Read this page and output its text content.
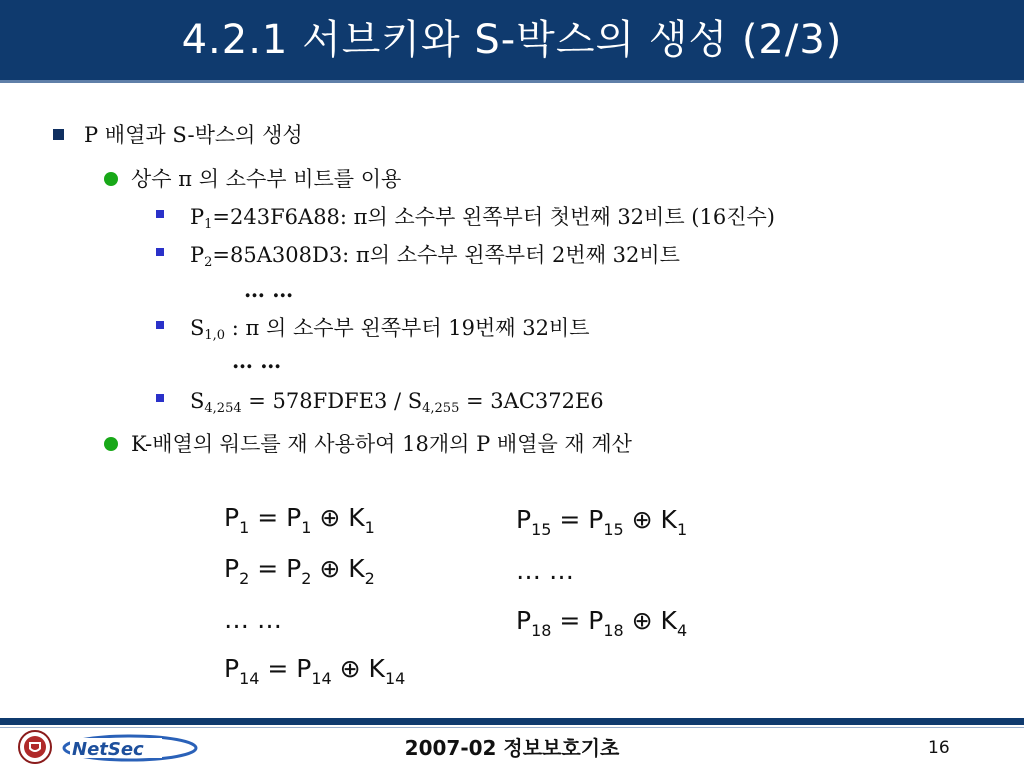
4.2.1 서브키와 S-박스의 생성 (2/3)
P 배열과 S-박스의 생성
상수 π 의 소수부 비트를 이용
$P_1=243F6A88$: π의 소수부 왼쪽부터 첫번째 32비트 (16진수)
$P_2=85A308D3$: π의 소수부 왼쪽부터 2번째 32비트
… …
$S_{1,0}$ : π 의 소수부 왼쪽부터 19번째 32비트
… …
$S_{4,254}$ = 578FDFE3 / $S_{4,255} = 3AC372E6$
K-배열의 워드를 재 사용하여 18개의 P 배열을 재 계산
$P_1 = P_1$ ⊕ $K_1$
$P_2 = P_2$ ⊕ $K_2$
… …
$P_{14} = P_{14}$ ⊕ $K_{14}$
$P_{15} = P_{15}$ ⊕ $K_1$
… …
$P_{18} = P_{18}$ ⊕ $K_4$
NetSec	2007-02 정보보호기초	16
